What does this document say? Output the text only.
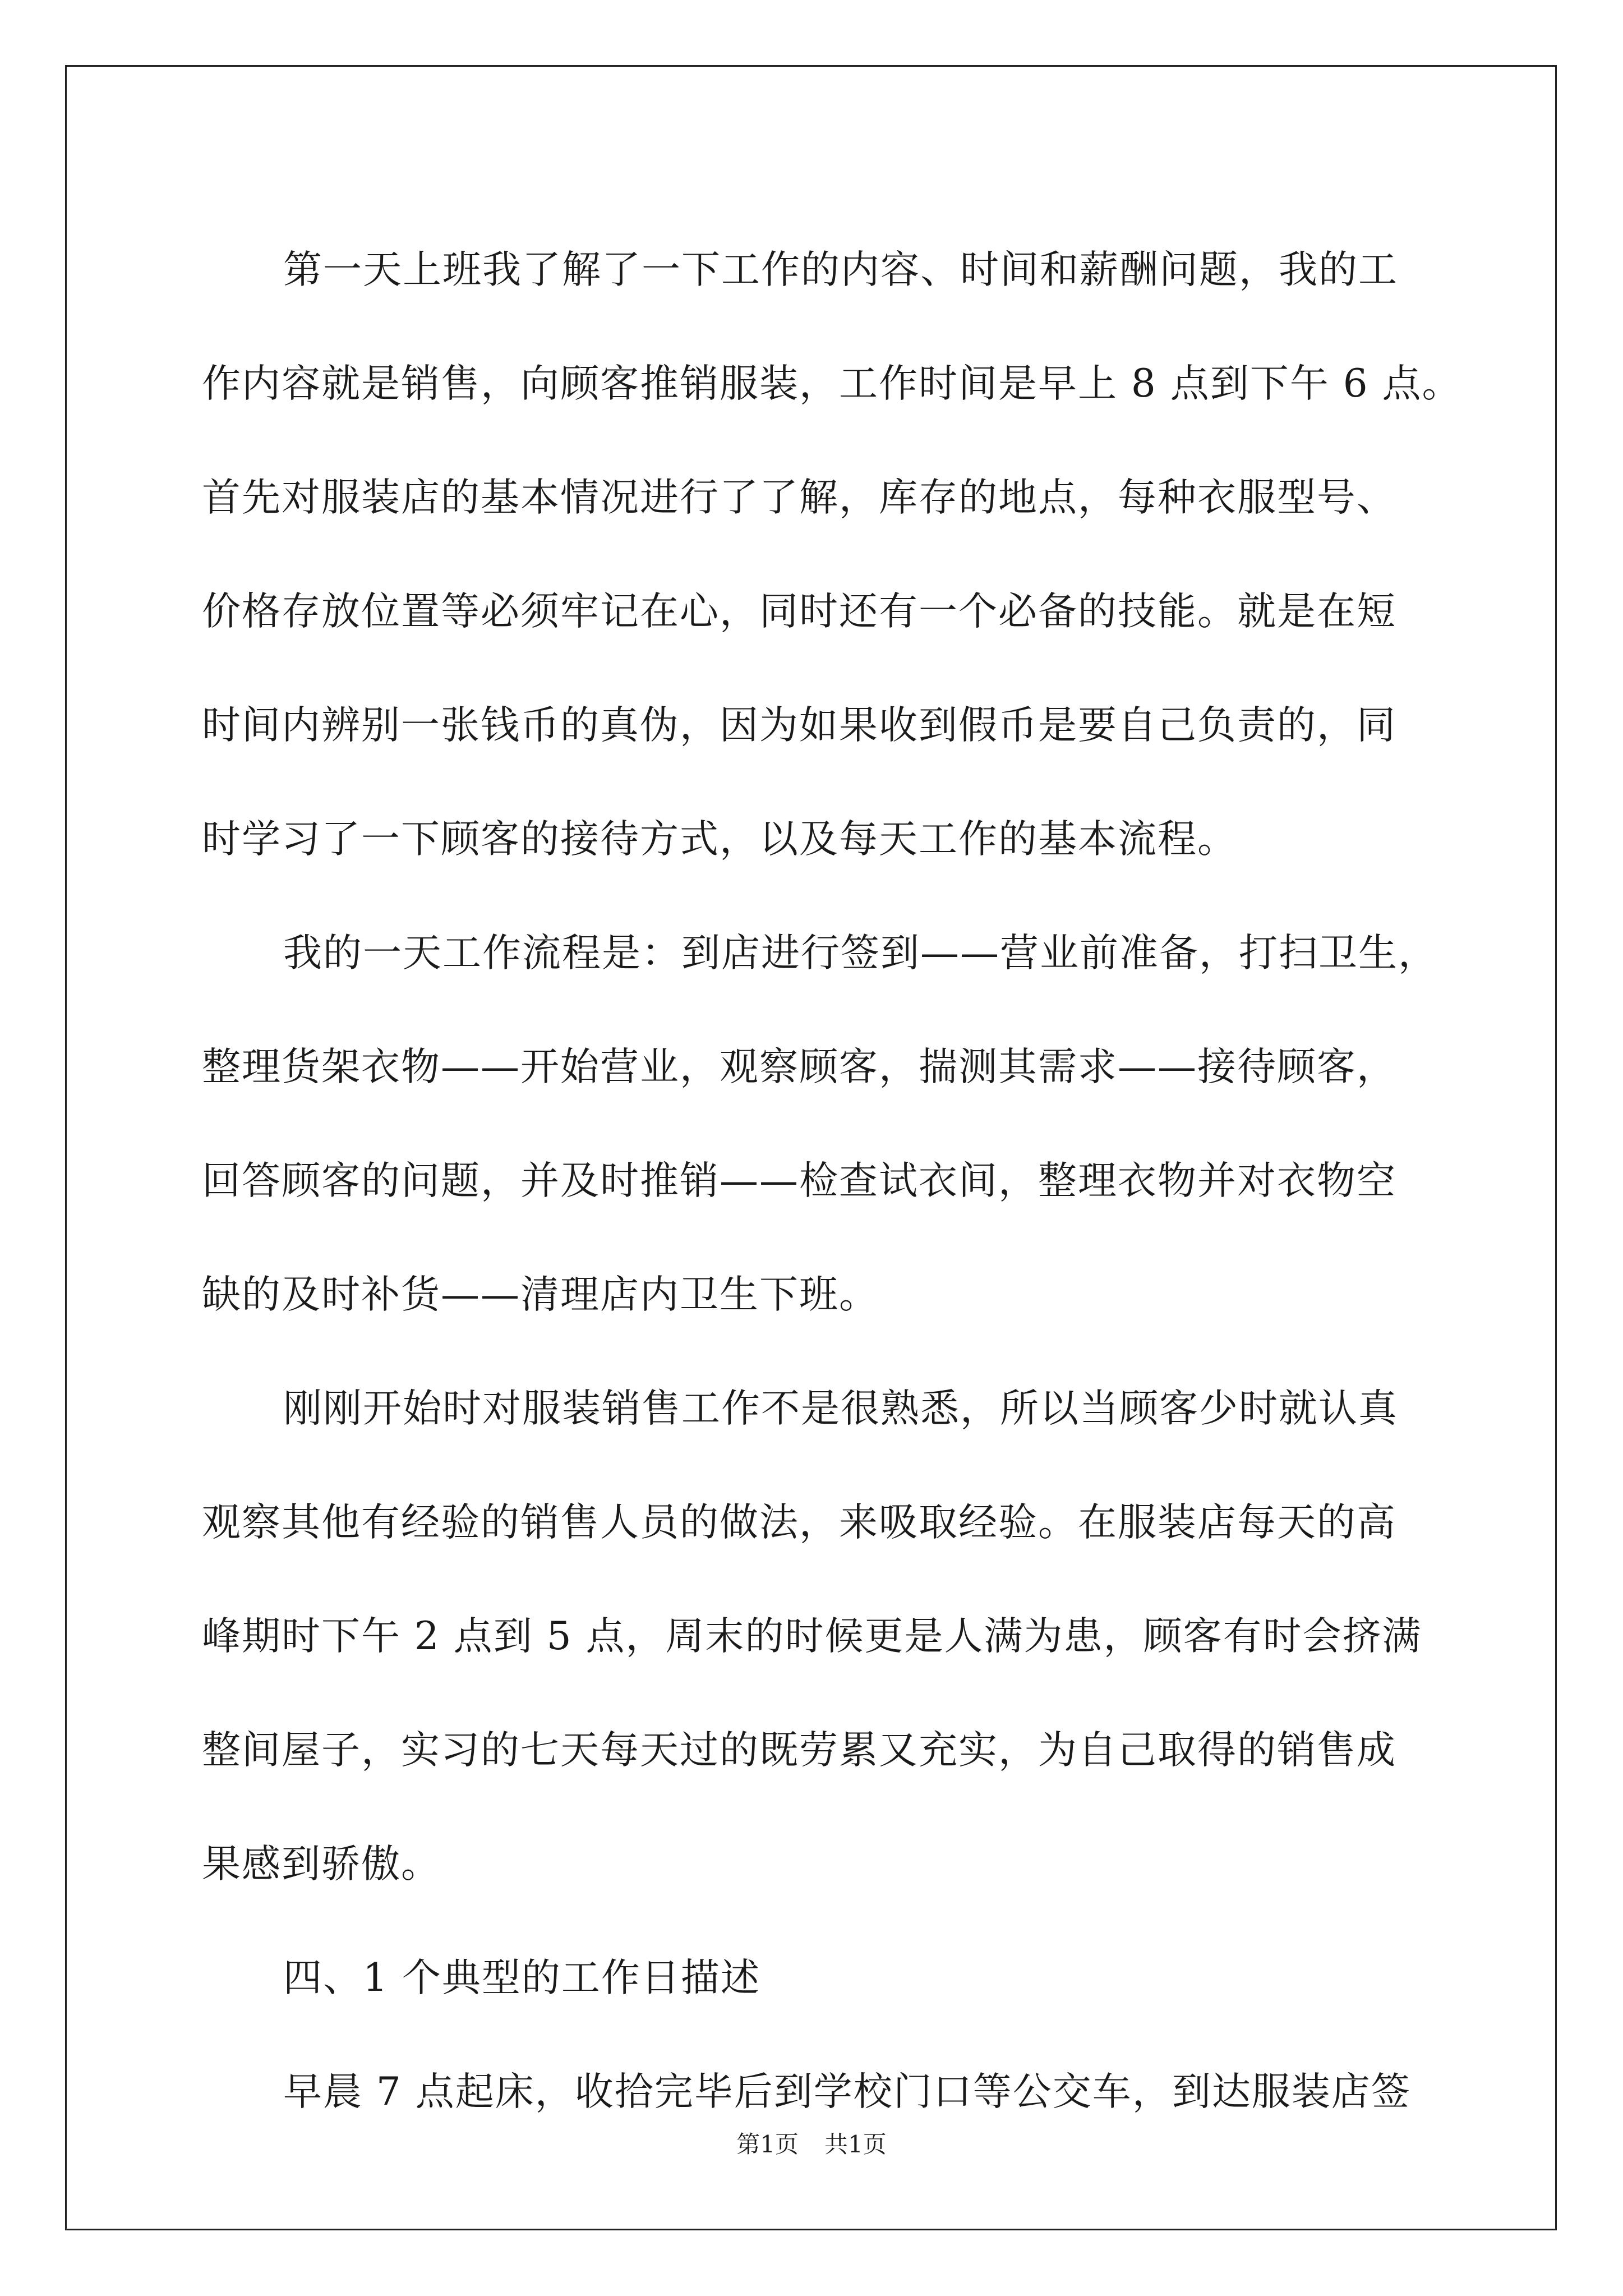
第一天上班我了解了一下工作的内容、时间和薪酬问题，我的工
作内容就是销售，向顾客推销服装，工作时间是早上 8 点到下午 6 点。
首先对服装店的基本情况进行了了解，库存的地点，每种衣服型号、
价格存放位置等必须牢记在心，同时还有一个必备的技能。就是在短
时间内辨别一张钱币的真伪，因为如果收到假币是要自己负责的，同
时学习了一下顾客的接待方式，以及每天工作的基本流程。
我的一天工作流程是：到店进行签到——营业前准备，打扫卫生，
整理货架衣物——开始营业，观察顾客，揣测其需求——接待顾客，
回答顾客的问题，并及时推销——检查试衣间，整理衣物并对衣物空
缺的及时补货——清理店内卫生下班。
刚刚开始时对服装销售工作不是很熟悉，所以当顾客少时就认真
观察其他有经验的销售人员的做法，来吸取经验。在服装店每天的高
峰期时下午 2 点到 5 点，周末的时候更是人满为患，顾客有时会挤满
整间屋子，实习的七天每天过的既劳累又充实，为自己取得的销售成
果感到骄傲。
四、1 个典型的工作日描述
早晨 7 点起床，收拾完毕后到学校门口等公交车，到达服装店签
第1页 共1页
